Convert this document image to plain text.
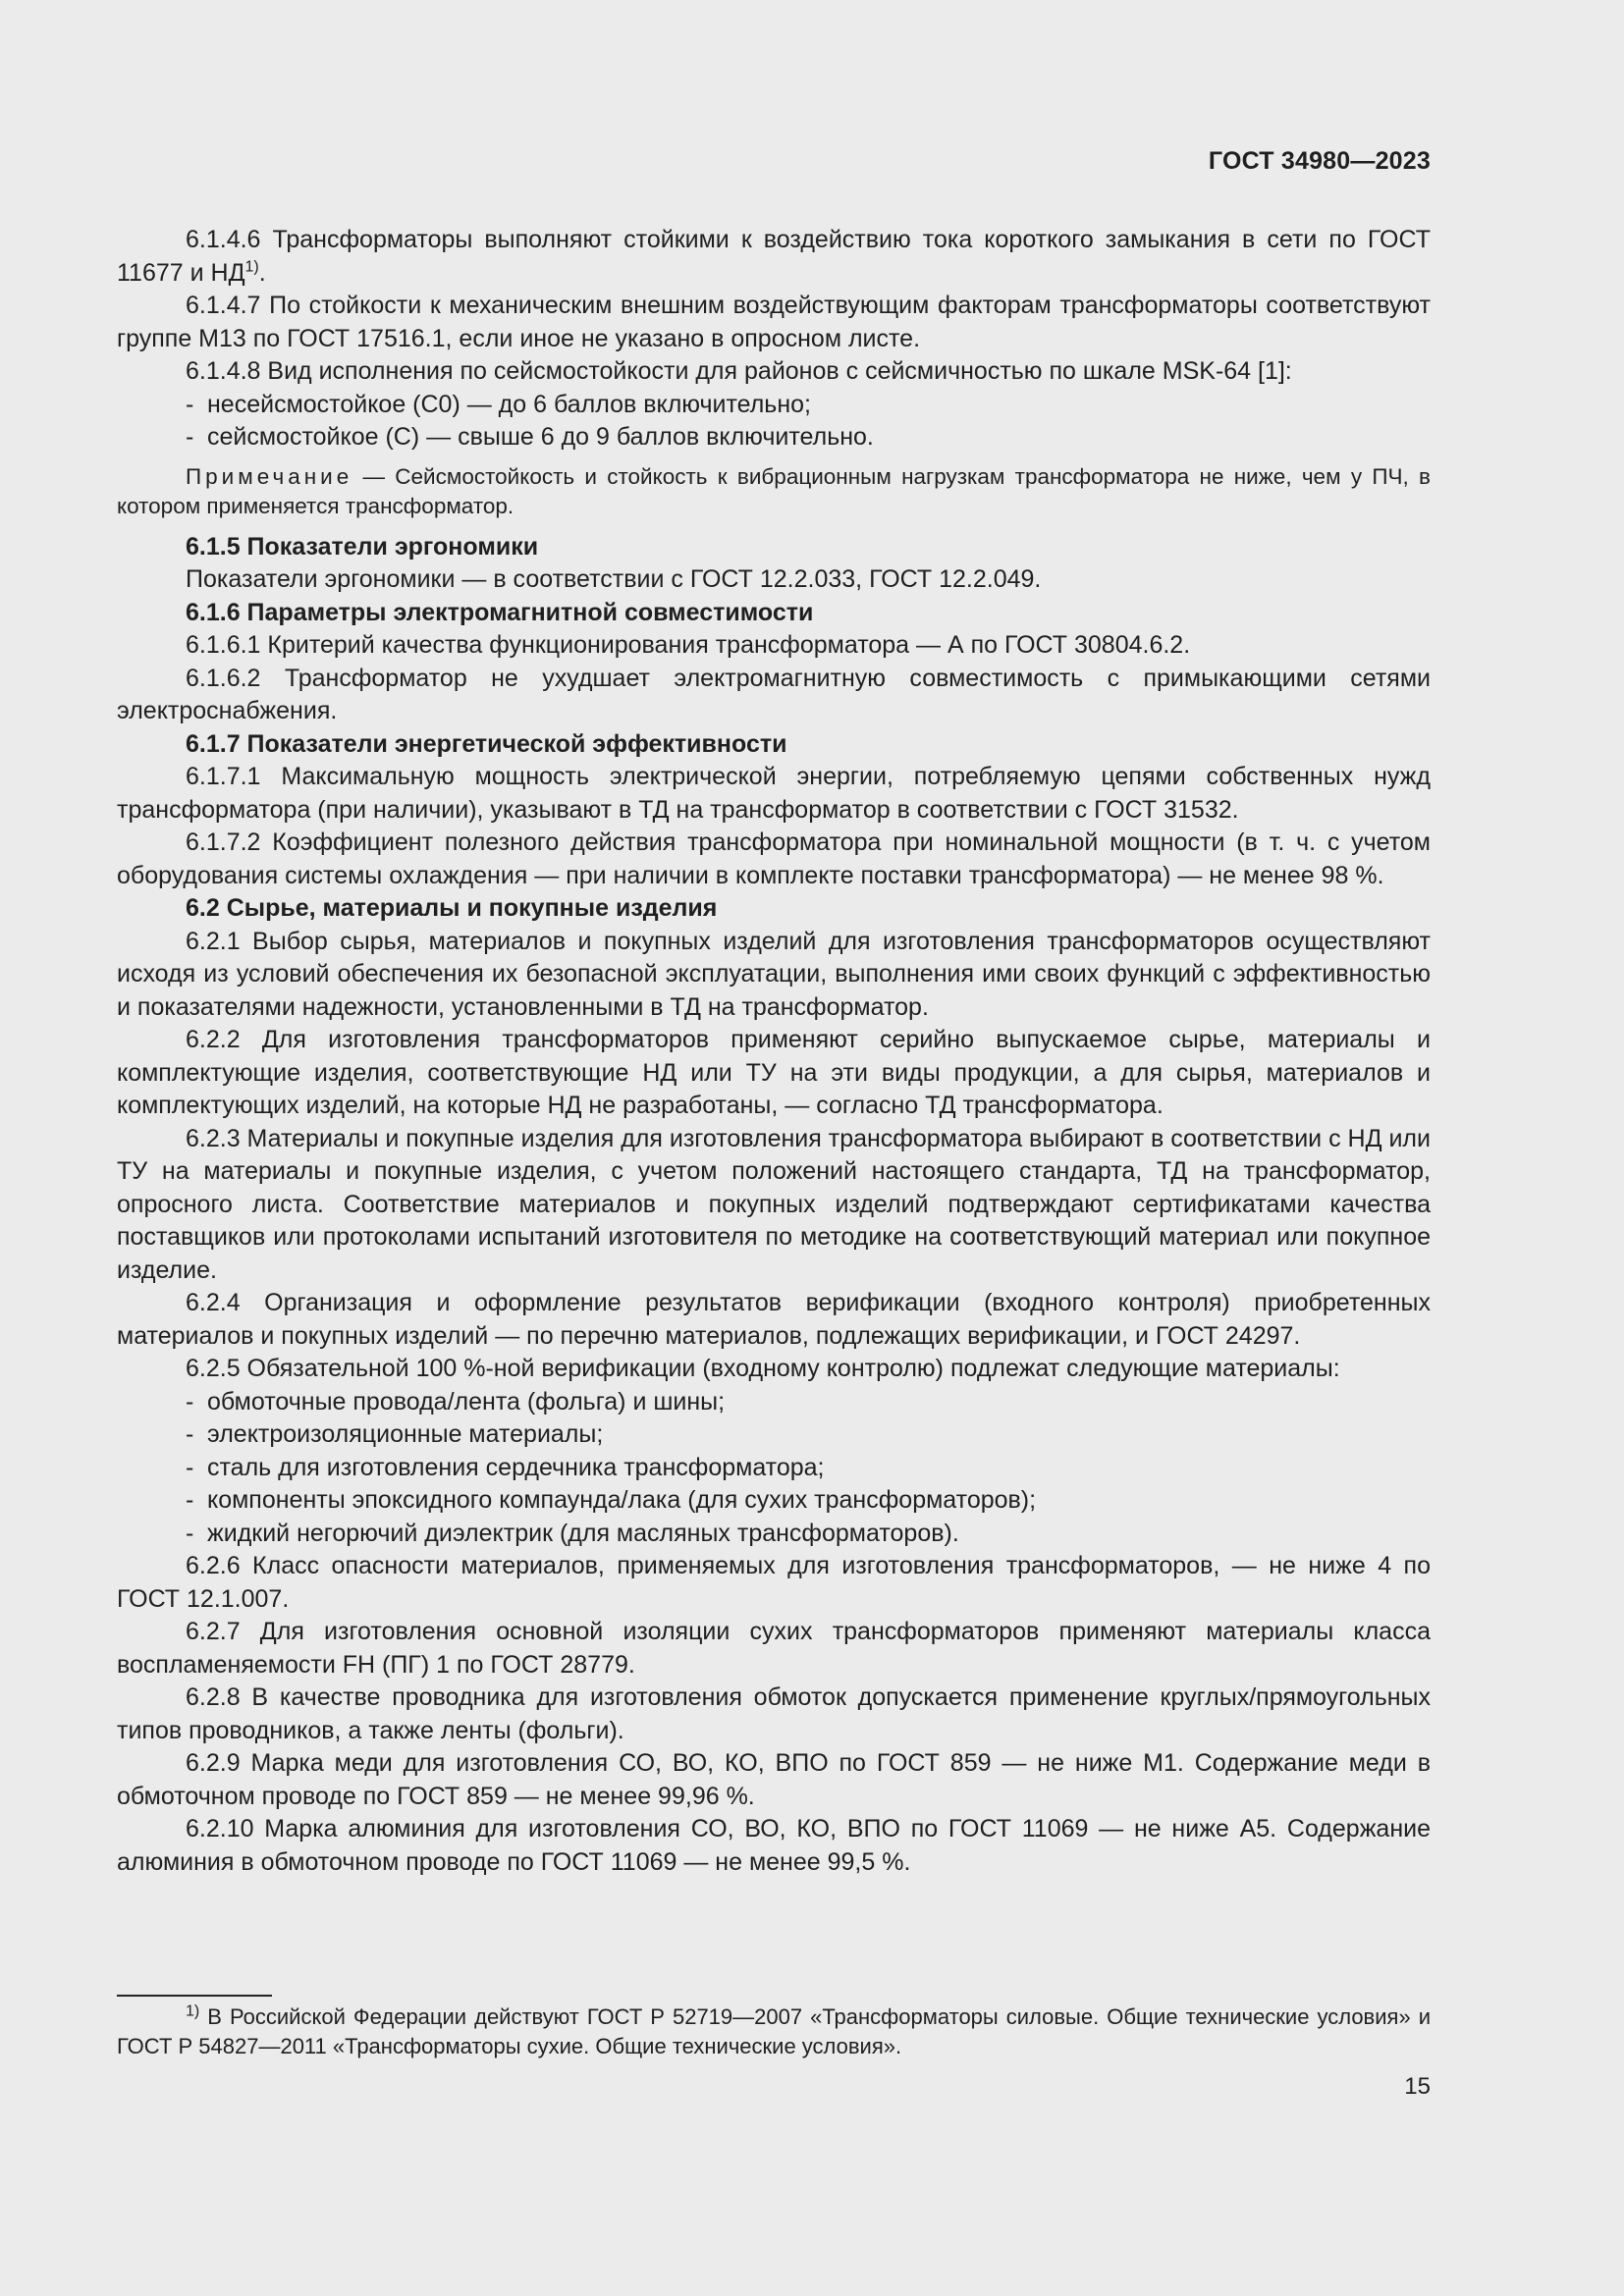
ГОСТ 34980—2023

6.1.4.6 Трансформаторы выполняют стойкими к воздействию тока короткого замыкания в сети по ГОСТ 11677 и НД$^{1)}$.

6.1.4.7 По стойкости к механическим внешним воздействующим факторам трансформаторы соответствуют группе М13 по ГОСТ 17516.1, если иное не указано в опросном листе.

6.1.4.8 Вид исполнения по сейсмостойкости для районов с сейсмичностью по шкале MSK-64 [1]:

- несейсмостойкое (С0) — до 6 баллов включительно;

- сейсмостойкое (С) — свыше 6 до 9 баллов включительно.

Примечание — Сейсмостойкость и стойкость к вибрационным нагрузкам трансформатора не ниже, чем у ПЧ, в котором применяется трансформатор.

6.1.5 Показатели эргономики

Показатели эргономики — в соответствии с ГОСТ 12.2.033, ГОСТ 12.2.049.

6.1.6 Параметры электромагнитной совместимости

6.1.6.1 Критерий качества функционирования трансформатора — А по ГОСТ 30804.6.2.

6.1.6.2 Трансформатор не ухудшает электромагнитную совместимость с примыкающими сетями электроснабжения.

6.1.7 Показатели энергетической эффективности

6.1.7.1 Максимальную мощность электрической энергии, потребляемую цепями собственных нужд трансформатора (при наличии), указывают в ТД на трансформатор в соответствии с ГОСТ 31532.

6.1.7.2 Коэффициент полезного действия трансформатора при номинальной мощности (в т. ч. с учетом оборудования системы охлаждения — при наличии в комплекте поставки трансформатора) — не менее 98 %.

6.2 Сырье, материалы и покупные изделия

6.2.1 Выбор сырья, материалов и покупных изделий для изготовления трансформаторов осуществляют исходя из условий обеспечения их безопасной эксплуатации, выполнения ими своих функций с эффективностью и показателями надежности, установленными в ТД на трансформатор.

6.2.2 Для изготовления трансформаторов применяют серийно выпускаемое сырье, материалы и комплектующие изделия, соответствующие НД или ТУ на эти виды продукции, а для сырья, материалов и комплектующих изделий, на которые НД не разработаны, — согласно ТД трансформатора.

6.2.3 Материалы и покупные изделия для изготовления трансформатора выбирают в соответствии с НД или ТУ на материалы и покупные изделия, с учетом положений настоящего стандарта, ТД на трансформатор, опросного листа. Соответствие материалов и покупных изделий подтверждают сертификатами качества поставщиков или протоколами испытаний изготовителя по методике на соответствующий материал или покупное изделие.

6.2.4 Организация и оформление результатов верификации (входного контроля) приобретенных материалов и покупных изделий — по перечню материалов, подлежащих верификации, и ГОСТ 24297.

6.2.5 Обязательной 100 %-ной верификации (входному контролю) подлежат следующие материалы:

- обмоточные провода/лента (фольга) и шины;

- электроизоляционные материалы;

- сталь для изготовления сердечника трансформатора;

- компоненты эпоксидного компаунда/лака (для сухих трансформаторов);

- жидкий негорючий диэлектрик (для масляных трансформаторов).

6.2.6 Класс опасности материалов, применяемых для изготовления трансформаторов, — не ниже 4 по ГОСТ 12.1.007.

6.2.7 Для изготовления основной изоляции сухих трансформаторов применяют материалы класса воспламеняемости FH (ПГ) 1 по ГОСТ 28779.

6.2.8 В качестве проводника для изготовления обмоток допускается применение круглых/прямоугольных типов проводников, а также ленты (фольги).

6.2.9 Марка меди для изготовления СО, ВО, КО, ВПО по ГОСТ 859 — не ниже М1. Содержание меди в обмоточном проводе по ГОСТ 859 — не менее 99,96 %.

6.2.10 Марка алюминия для изготовления СО, ВО, КО, ВПО по ГОСТ 11069 — не ниже А5. Содержание алюминия в обмоточном проводе по ГОСТ 11069 — не менее 99,5 %.

$^{1)}$ В Российской Федерации действуют ГОСТ Р 52719—2007 «Трансформаторы силовые. Общие технические условия» и ГОСТ Р 54827—2011 «Трансформаторы сухие. Общие технические условия».
15
